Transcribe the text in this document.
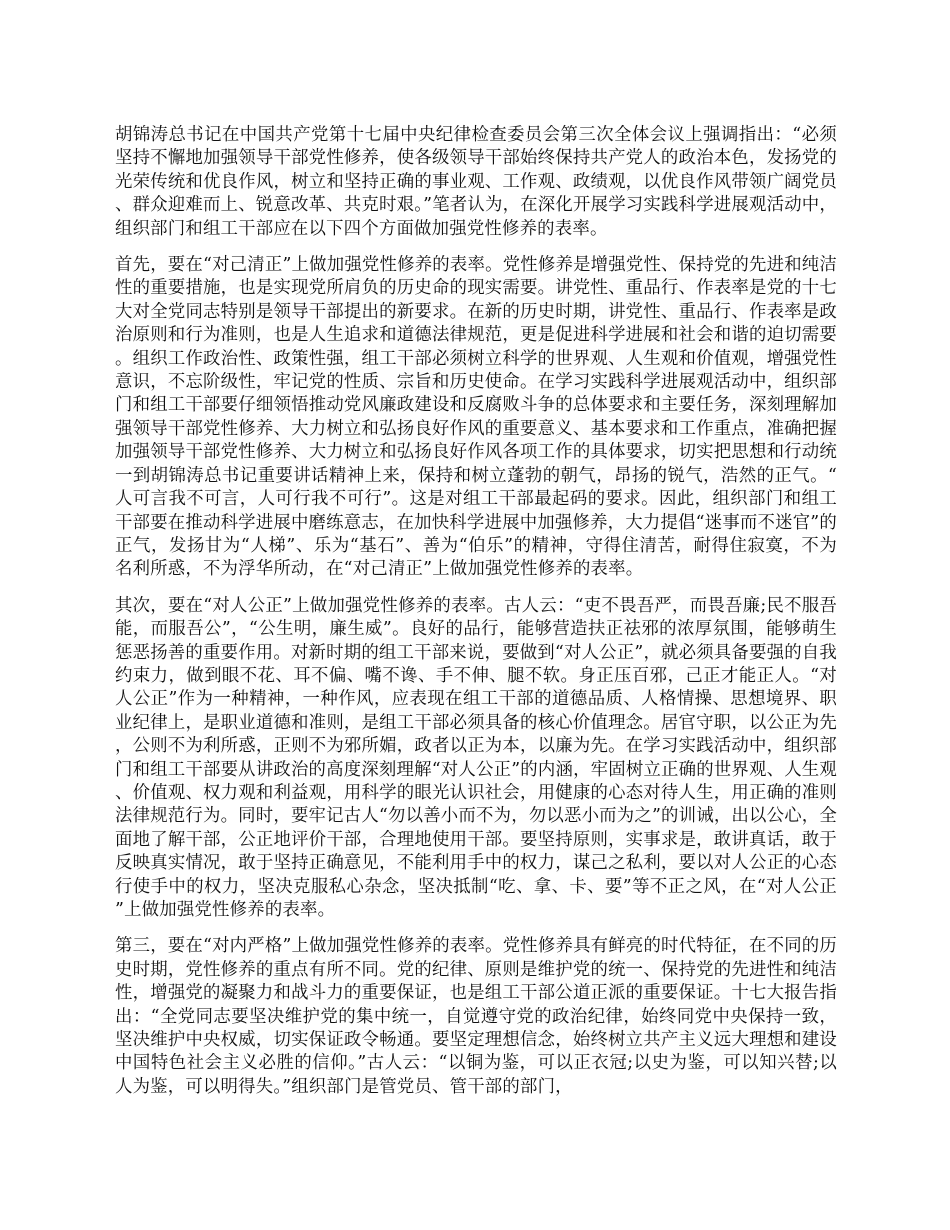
胡锦涛总书记在中国共产党第十七届中央纪律检查委员会第三次全体会议上强调指出：“必须坚持不懈地加强领导干部党性修养，使各级领导干部始终保持共产党人的政治本色，发扬党的光荣传统和优良作风，树立和坚持正确的事业观、工作观、政绩观，以优良作风带领广阔党员、群众迎难而上、锐意改革、共克时艰。”笔者认为，在深化开展学习实践科学进展观活动中，组织部门和组工干部应在以下四个方面做加强党性修养的表率。

首先，要在“对己清正”上做加强党性修养的表率。党性修养是增强党性、保持党的先进和纯洁性的重要措施，也是实现党所肩负的历史命的现实需要。讲党性、重品行、作表率是党的十七大对全党同志特别是领导干部提出的新要求。在新的历史时期，讲党性、重品行、作表率是政治原则和行为准则，也是人生追求和道德法律规范，更是促进科学进展和社会和谐的迫切需要。组织工作政治性、政策性强，组工干部必须树立科学的世界观、人生观和价值观，增强党性意识，不忘阶级性，牢记党的性质、宗旨和历史使命。在学习实践科学进展观活动中，组织部门和组工干部要仔细领悟推动党风廉政建设和反腐败斗争的总体要求和主要任务，深刻理解加强领导干部党性修养、大力树立和弘扬良好作风的重要意义、基本要求和工作重点，准确把握加强领导干部党性修养、大力树立和弘扬良好作风各项工作的具体要求，切实把思想和行动统一到胡锦涛总书记重要讲话精神上来，保持和树立蓬勃的朝气，昂扬的锐气，浩然的正气。“人可言我不可言，人可行我不可行”。这是对组工干部最起码的要求。因此，组织部门和组工干部要在推动科学进展中磨练意志，在加快科学进展中加强修养，大力提倡“迷事而不迷官”的正气，发扬甘为“人梯”、乐为“基石”、善为“伯乐”的精神，守得住清苦，耐得住寂寞，不为名利所惑，不为浮华所动，在“对己清正”上做加强党性修养的表率。

其次，要在“对人公正”上做加强党性修养的表率。古人云：“吏不畏吾严，而畏吾廉;民不服吾能，而服吾公”，“公生明，廉生威”。良好的品行，能够营造扶正祛邪的浓厚氛围，能够萌生惩恶扬善的重要作用。对新时期的组工干部来说，要做到“对人公正”，就必须具备要强的自我约束力，做到眼不花、耳不偏、嘴不谗、手不伸、腿不软。身正压百邪，己正才能正人。“对人公正”作为一种精神，一种作风，应表现在组工干部的道德品质、人格情操、思想境界、职业纪律上，是职业道德和准则，是组工干部必须具备的核心价值理念。居官守职，以公正为先，公则不为利所惑，正则不为邪所媚，政者以正为本，以廉为先。在学习实践活动中，组织部门和组工干部要从讲政治的高度深刻理解“对人公正”的内涵，牢固树立正确的世界观、人生观、价值观、权力观和利益观，用科学的眼光认识社会，用健康的心态对待人生，用正确的准则法律规范行为。同时，要牢记古人“勿以善小而不为，勿以恶小而为之”的训诫，出以公心，全面地了解干部，公正地评价干部，合理地使用干部。要坚持原则，实事求是，敢讲真话，敢于反映真实情况，敢于坚持正确意见，不能利用手中的权力，谋己之私利，要以对人公正的心态行使手中的权力，坚决克服私心杂念，坚决抵制“吃、拿、卡、要”等不正之风，在“对人公正”上做加强党性修养的表率。

第三，要在“对内严格”上做加强党性修养的表率。党性修养具有鲜亮的时代特征，在不同的历史时期，党性修养的重点有所不同。党的纪律、原则是维护党的统一、保持党的先进性和纯洁性，增强党的凝聚力和战斗力的重要保证，也是组工干部公道正派的重要保证。十七大报告指出：“全党同志要坚决维护党的集中统一，自觉遵守党的政治纪律，始终同党中央保持一致，坚决维护中央权威，切实保证政令畅通。要坚定理想信念，始终树立共产主义远大理想和建设中国特色社会主义必胜的信仰。”古人云：“以铜为鉴，可以正衣冠;以史为鉴，可以知兴替;以人为鉴，可以明得失。”组织部门是管党员、管干部的部门，
